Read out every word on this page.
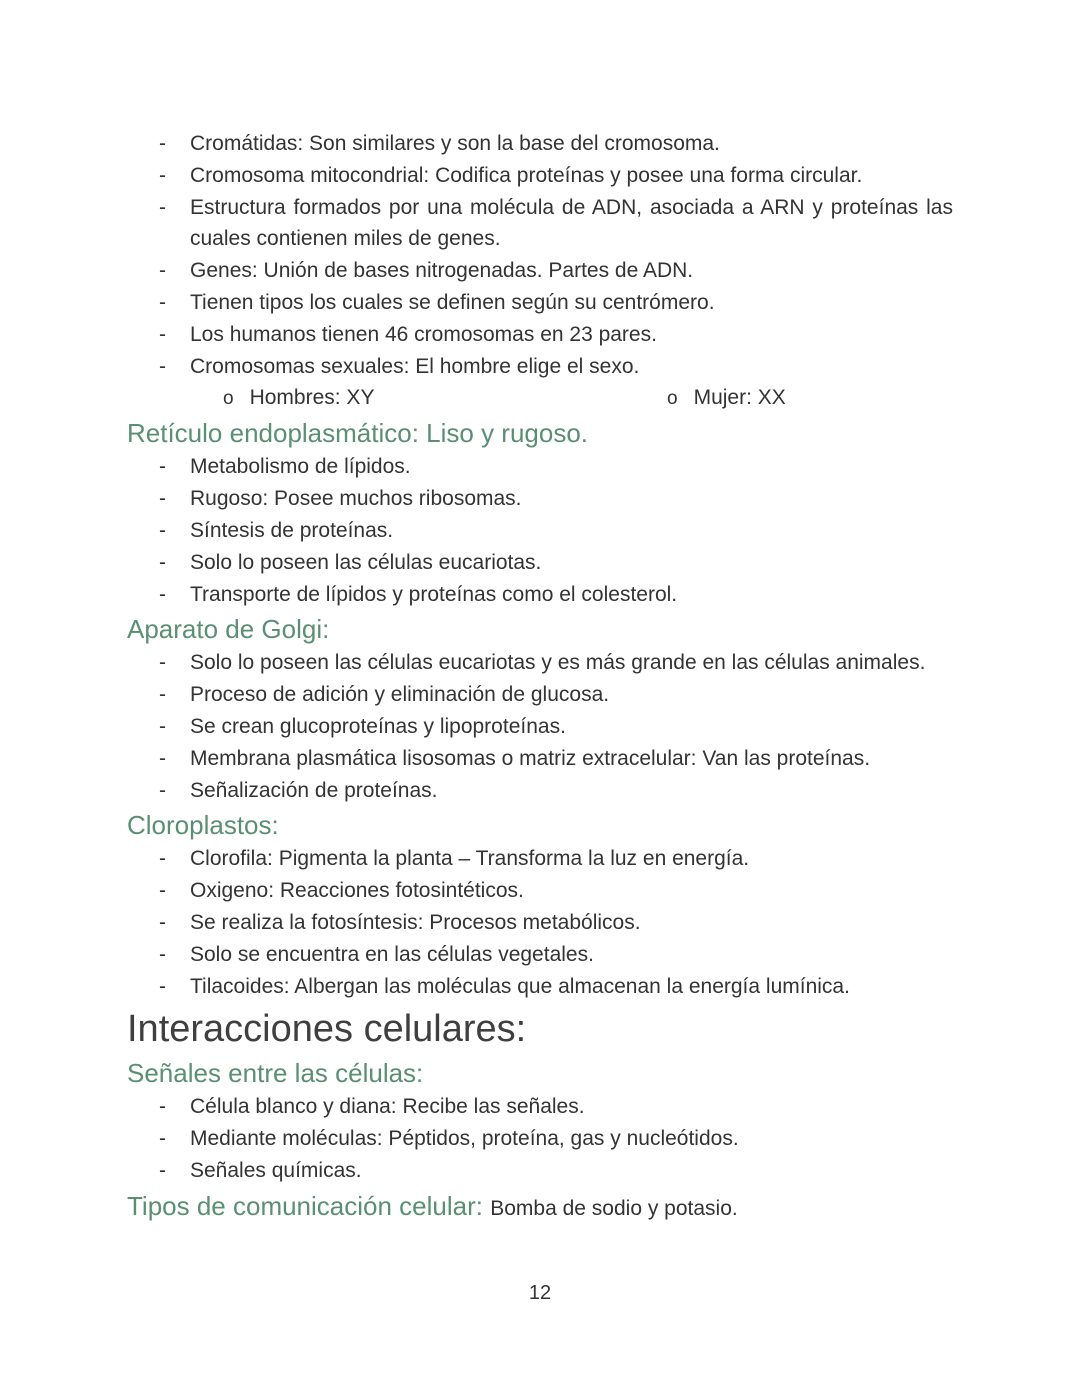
- Cromátidas: Son similares y son la base del cromosoma.
- Cromosoma mitocondrial: Codifica proteínas y posee una forma circular.
- Estructura formados por una molécula de ADN, asociada a ARN y proteínas las cuales contienen miles de genes.
- Genes: Unión de bases nitrogenadas. Partes de ADN.
- Tienen tipos los cuales se definen según su centrómero.
- Los humanos tienen 46 cromosomas en 23 pares.
- Cromosomas sexuales: El hombre elige el sexo.
o Hombres: XY	o Mujer: XX
Retículo endoplasmático: Liso y rugoso.
- Metabolismo de lípidos.
- Rugoso: Posee muchos ribosomas.
- Síntesis de proteínas.
- Solo lo poseen las células eucariotas.
- Transporte de lípidos y proteínas como el colesterol.
Aparato de Golgi:
- Solo lo poseen las células eucariotas y es más grande en las células animales.
- Proceso de adición y eliminación de glucosa.
- Se crean glucoproteínas y lipoproteínas.
- Membrana plasmática lisosomas o matriz extracelular: Van las proteínas.
- Señalización de proteínas.
Cloroplastos:
- Clorofila: Pigmenta la planta – Transforma la luz en energía.
- Oxigeno: Reacciones fotosintéticos.
- Se realiza la fotosíntesis: Procesos metabólicos.
- Solo se encuentra en las células vegetales.
- Tilacoides: Albergan las moléculas que almacenan la energía lumínica.
Interacciones celulares:
Señales entre las células:
- Célula blanco y diana: Recibe las señales.
- Mediante moléculas: Péptidos, proteína, gas y nucleótidos.
- Señales químicas.
Tipos de comunicación celular: Bomba de sodio y potasio.
12
